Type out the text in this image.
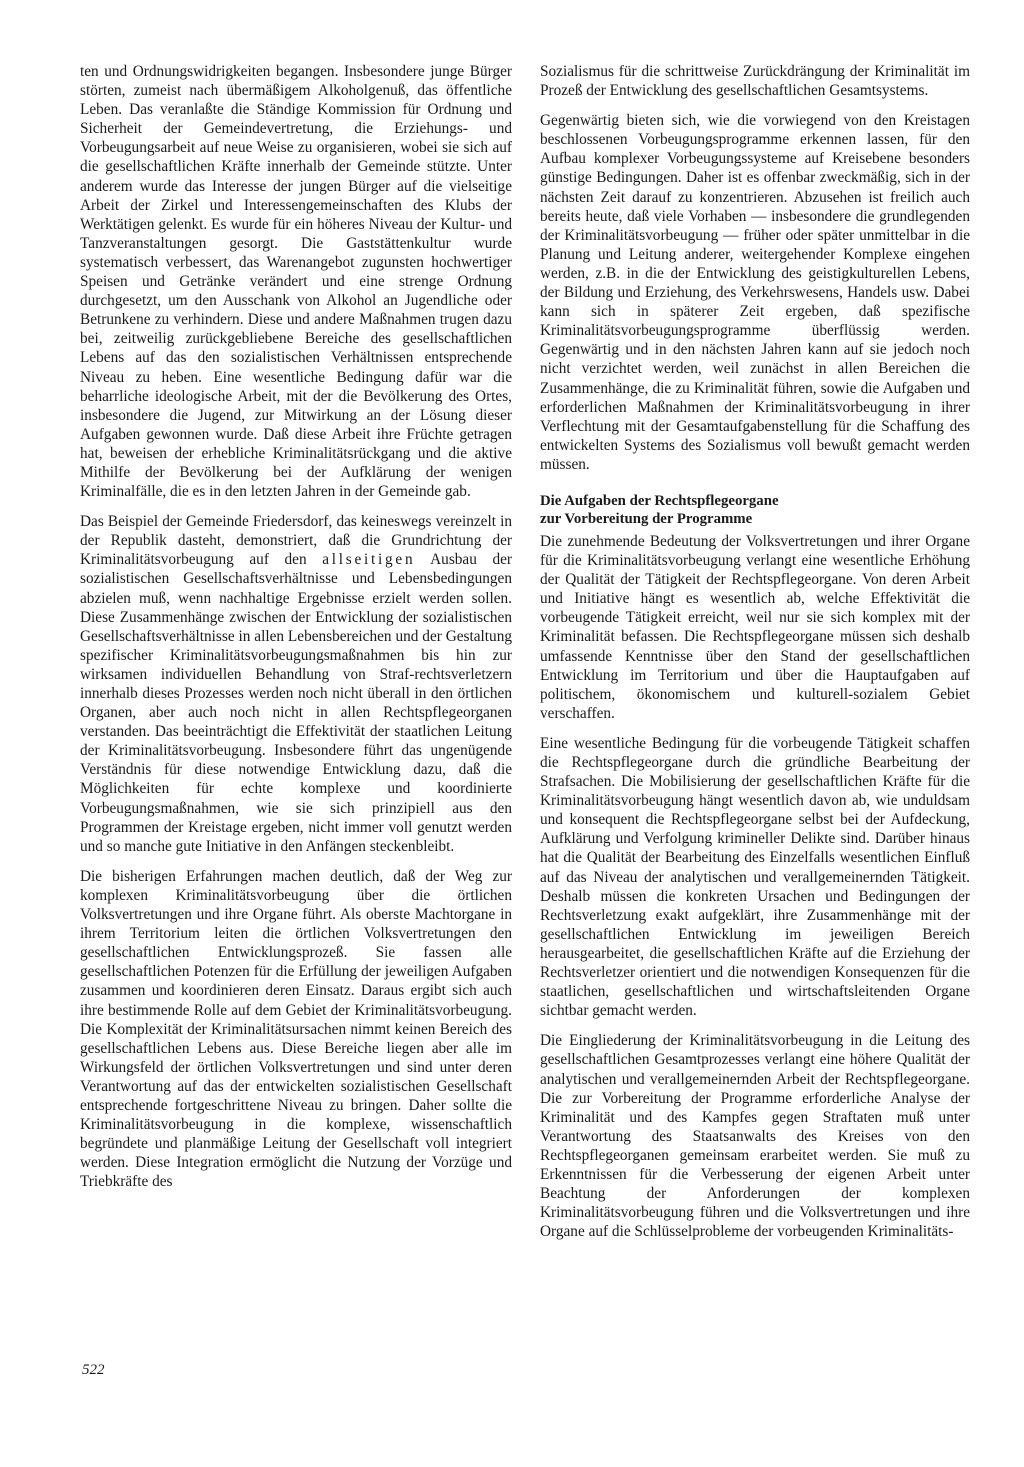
ten und Ordnungswidrigkeiten begangen. Insbesondere junge Bürger störten, zumeist nach übermäßigem Alkoholgenuß, das öffentliche Leben. Das veranlaßte die Ständige Kommission für Ordnung und Sicherheit der Gemeindevertretung, die Erziehungs- und Vorbeugungsarbeit auf neue Weise zu organisieren, wobei sie sich auf die gesellschaftlichen Kräfte innerhalb der Gemeinde stützte. Unter anderem wurde das Interesse der jungen Bürger auf die vielseitige Arbeit der Zirkel und Interessengemeinschaften des Klubs der Werktätigen gelenkt. Es wurde für ein höheres Niveau der Kultur- und Tanzveranstaltungen gesorgt. Die Gaststättenkultur wurde systematisch verbessert, das Warenangebot zugunsten hochwertiger Speisen und Getränke verändert und eine strenge Ordnung durchgesetzt, um den Ausschank von Alkohol an Jugendliche oder Betrunkene zu verhindern. Diese und andere Maßnahmen trugen dazu bei, zeitweilig zurückgebliebene Bereiche des gesellschaftlichen Lebens auf das den sozialistischen Verhältnissen entsprechende Niveau zu heben. Eine wesentliche Bedingung dafür war die beharrliche ideologische Arbeit, mit der die Bevölkerung des Ortes, insbesondere die Jugend, zur Mitwirkung an der Lösung dieser Aufgaben gewonnen wurde. Daß diese Arbeit ihre Früchte getragen hat, beweisen der erhebliche Kriminalitätsrückgang und die aktive Mithilfe der Bevölkerung bei der Aufklärung der wenigen Kriminalfälle, die es in den letzten Jahren in der Gemeinde gab.

Das Beispiel der Gemeinde Friedersdorf, das keineswegs vereinzelt in der Republik dasteht, demonstriert, daß die Grundrichtung der Kriminalitätsvorbeugung auf den allseitigen Ausbau der sozialistischen Gesellschaftsverhältnisse und Lebensbedingungen abzielen muß, wenn nachhaltige Ergebnisse erzielt werden sollen. Diese Zusammenhänge zwischen der Entwicklung der sozialistischen Gesellschaftsverhältnisse in allen Lebensbereichen und der Gestaltung spezifischer Kriminalitätsvorbeugungsmaßnahmen bis hin zur wirksamen individuellen Behandlung von Straf-rechtsverletzern innerhalb dieses Prozesses werden noch nicht überall in den örtlichen Organen, aber auch noch nicht in allen Rechtspflegeorganen verstanden. Das beeinträchtigt die Effektivität der staatlichen Leitung der Kriminalitätsvorbeugung. Insbesondere führt das ungenügende Verständnis für diese notwendige Entwicklung dazu, daß die Möglichkeiten für echte komplexe und koordinierte Vorbeugungsmaßnahmen, wie sie sich prinzipiell aus den Programmen der Kreistage ergeben, nicht immer voll genutzt werden und so manche gute Initiative in den Anfängen steckenbleibt.

Die bisherigen Erfahrungen machen deutlich, daß der Weg zur komplexen Kriminalitätsvorbeugung über die örtlichen Volksvertretungen und ihre Organe führt. Als oberste Machtorgane in ihrem Territorium leiten die örtlichen Volksvertretungen den gesellschaftlichen Entwicklungsprozeß. Sie fassen alle gesellschaftlichen Potenzen für die Erfüllung der jeweiligen Aufgaben zusammen und koordinieren deren Einsatz. Daraus ergibt sich auch ihre bestimmende Rolle auf dem Gebiet der Kriminalitätsvorbeugung. Die Komplexität der Kriminalitätsursachen nimmt keinen Bereich des gesellschaftlichen Lebens aus. Diese Bereiche liegen aber alle im Wirkungsfeld der örtlichen Volksvertretungen und sind unter deren Verantwortung auf das der entwickelten sozialistischen Gesellschaft entsprechende fortgeschrittene Niveau zu bringen. Daher sollte die Kriminalitätsvorbeugung in die komplexe, wissenschaftlich begründete und planmäßige Leitung der Gesellschaft voll integriert werden. Diese Integration ermöglicht die Nutzung der Vorzüge und Triebkräfte des

Sozialismus für die schrittweise Zurückdrängung der Kriminalität im Prozeß der Entwicklung des gesellschaftlichen Gesamtsystems.

Gegenwärtig bieten sich, wie die vorwiegend von den Kreistagen beschlossenen Vorbeugungsprogramme erkennen lassen, für den Aufbau komplexer Vorbeugungssysteme auf Kreisebene besonders günstige Bedingungen. Daher ist es offenbar zweckmäßig, sich in der nächsten Zeit darauf zu konzentrieren. Abzusehen ist freilich auch bereits heute, daß viele Vorhaben — insbesondere die grundlegenden der Kriminalitätsvorbeugung — früher oder später unmittelbar in die Planung und Leitung anderer, weitergehender Komplexe eingehen werden, z.B. in die der Entwicklung des geistigkulturellen Lebens, der Bildung und Erziehung, des Verkehrswesens, Handels usw. Dabei kann sich in späterer Zeit ergeben, daß spezifische Kriminalitätsvorbeugungsprogramme überflüssig werden. Gegenwärtig und in den nächsten Jahren kann auf sie jedoch noch nicht verzichtet werden, weil zunächst in allen Bereichen die Zusammenhänge, die zu Kriminalität führen, sowie die Aufgaben und erforderlichen Maßnahmen der Kriminalitätsvorbeugung in ihrer Verflechtung mit der Gesamtaufgabenstellung für die Schaffung des entwickelten Systems des Sozialismus voll bewußt gemacht werden müssen.

Die Aufgaben der Rechtspflegeorgane
zur Vorbereitung der Programme

Die zunehmende Bedeutung der Volksvertretungen und ihrer Organe für die Kriminalitätsvorbeugung verlangt eine wesentliche Erhöhung der Qualität der Tätigkeit der Rechtspflegeorgane. Von deren Arbeit und Initiative hängt es wesentlich ab, welche Effektivität die vorbeugende Tätigkeit erreicht, weil nur sie sich komplex mit der Kriminalität befassen. Die Rechtspflegeorgane müssen sich deshalb umfassende Kenntnisse über den Stand der gesellschaftlichen Entwicklung im Territorium und über die Hauptaufgaben auf politischem, ökonomischem und kulturell-sozialem Gebiet verschaffen.

Eine wesentliche Bedingung für die vorbeugende Tätigkeit schaffen die Rechtspflegeorgane durch die gründliche Bearbeitung der Strafsachen. Die Mobilisierung der gesellschaftlichen Kräfte für die Kriminalitätsvorbeugung hängt wesentlich davon ab, wie unduldsam und konsequent die Rechtspflegeorgane selbst bei der Aufdeckung, Aufklärung und Verfolgung krimineller Delikte sind. Darüber hinaus hat die Qualität der Bearbeitung des Einzelfalls wesentlichen Einfluß auf das Niveau der analytischen und verallgemeinernden Tätigkeit. Deshalb müssen die konkreten Ursachen und Bedingungen der Rechtsverletzung exakt aufgeklärt, ihre Zusammenhänge mit der gesellschaftlichen Entwicklung im jeweiligen Bereich herausgearbeitet, die gesellschaftlichen Kräfte auf die Erziehung der Rechtsverletzer orientiert und die notwendigen Konsequenzen für die staatlichen, gesellschaftlichen und wirtschaftsleitenden Organe sichtbar gemacht werden.

Die Eingliederung der Kriminalitätsvorbeugung in die Leitung des gesellschaftlichen Gesamtprozesses verlangt eine höhere Qualität der analytischen und verallgemeinernden Arbeit der Rechtspflegeorgane. Die zur Vorbereitung der Programme erforderliche Analyse der Kriminalität und des Kampfes gegen Straftaten muß unter Verantwortung des Staatsanwalts des Kreises von den Rechtspflegeorganen gemeinsam erarbeitet werden. Sie muß zu Erkenntnissen für die Verbesserung der eigenen Arbeit unter Beachtung der Anforderungen der komplexen Kriminalitätsvorbeugung führen und die Volksvertretungen und ihre Organe auf die Schlüsselprobleme der vorbeugenden Kriminalitäts-

522
